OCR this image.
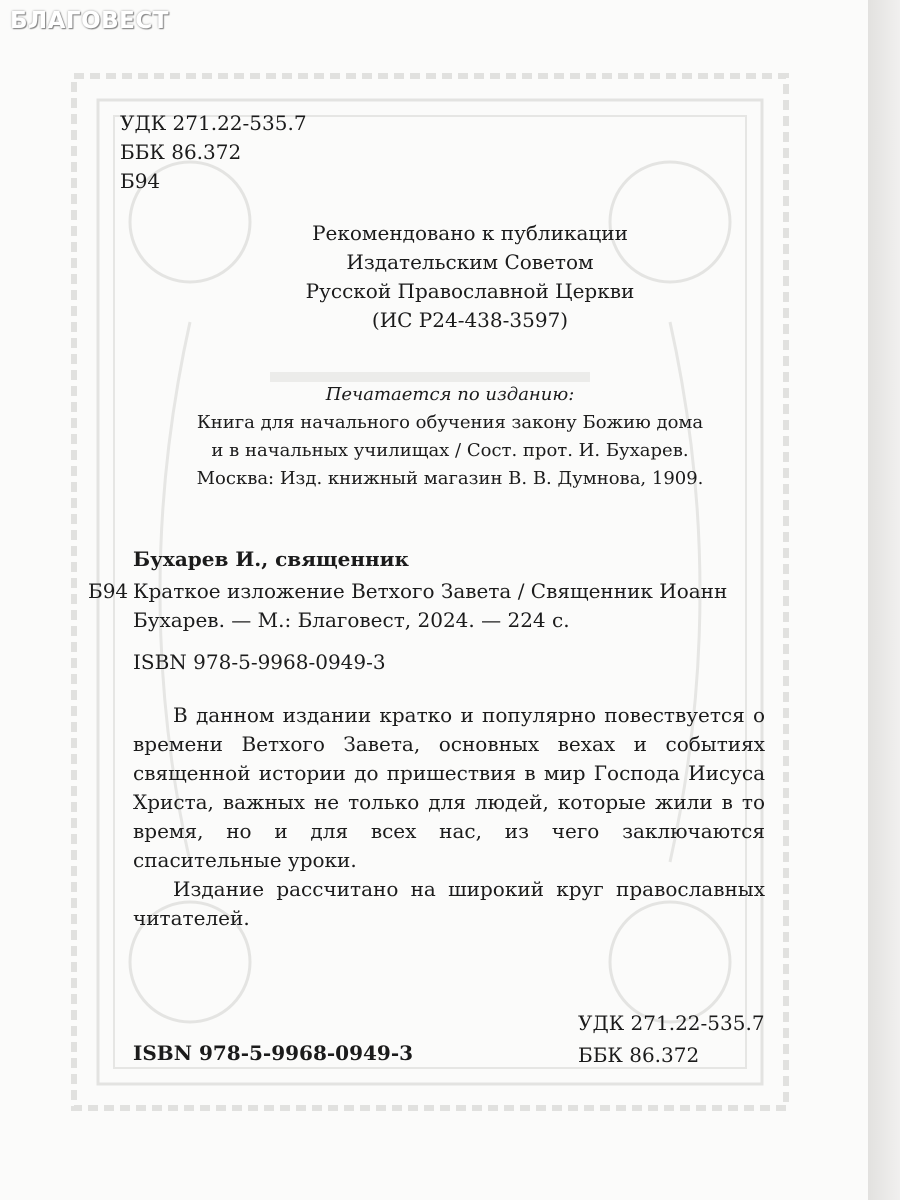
УДК 271.22-535.7
ББК 86.372
Б94
Рекомендовано к публикации
Издательским Советом
Русской Православной Церкви
(ИС Р24-438-3597)
Печатается по изданию:
Книга для начального обучения закону Божию дома
и в начальных училищах / Сост. прот. И. Бухарев.
Москва: Изд. книжный магазин В. В. Думнова, 1909.
Бухарев И., священник
Б94 Краткое изложение Ветхого Завета / Священник Иоанн
Бухарев. — М.: Благовест, 2024. — 224 с.
ISBN 978-5-9968-0949-3

В данном издании кратко и популярно повествуется о времени Ветхого Завета, основных вехах и событиях священной истории до пришествия в мир Господа Иисуса Христа, важных не только для людей, которые жили в то время, но и для всех нас, из чего заключаются спасительные уроки.

Издание рассчитано на широкий круг православных читателей.

УДК 271.22-535.7
ББК 86.372
ISBN 978-5-9968-0949-3
БЛАГОВЕСТ
